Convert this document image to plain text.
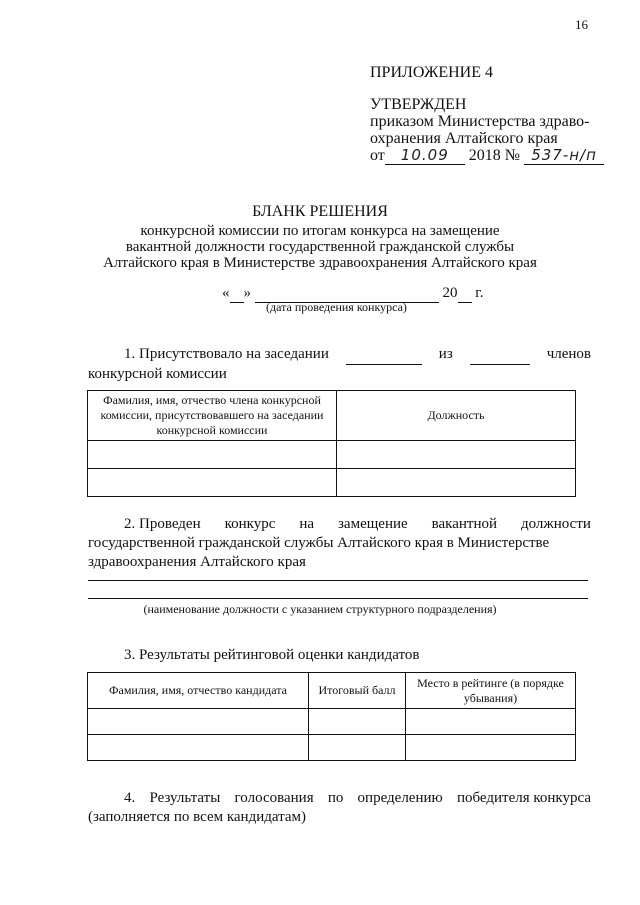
16
ПРИЛОЖЕНИЕ 4
УТВЕРЖДЕН
приказом Министерства здраво-
охранения Алтайского края
от 10.09 2018 № 537-н/п
БЛАНК РЕШЕНИЯ
конкурсной комиссии по итогам конкурса на замещение
вакантной должности государственной гражданской службы
Алтайского края в Министерстве здравоохранения Алтайского края
« »	20 г.
(дата проведения конкурса)
1. Присутствовало на заседании
	из
	членов
конкурсной комиссии
Фамилия, имя, отчество члена конкурсной комиссии, присутствовавшего на заседании конкурсной комиссии	Должность

2. Проведен конкурс на замещение вакантной должности
государственной гражданской службы Алтайского края в Министерстве
здравоохранения Алтайского края
(наименование должности с указанием структурного подразделения)
3. Результаты рейтинговой оценки кандидатов
Фамилия, имя, отчество кандидата	Итоговый балл	Место в рейтинге (в порядке убывания)

4. Результаты голосования по определению победителя конкурса
(заполняется по всем кандидатам)
